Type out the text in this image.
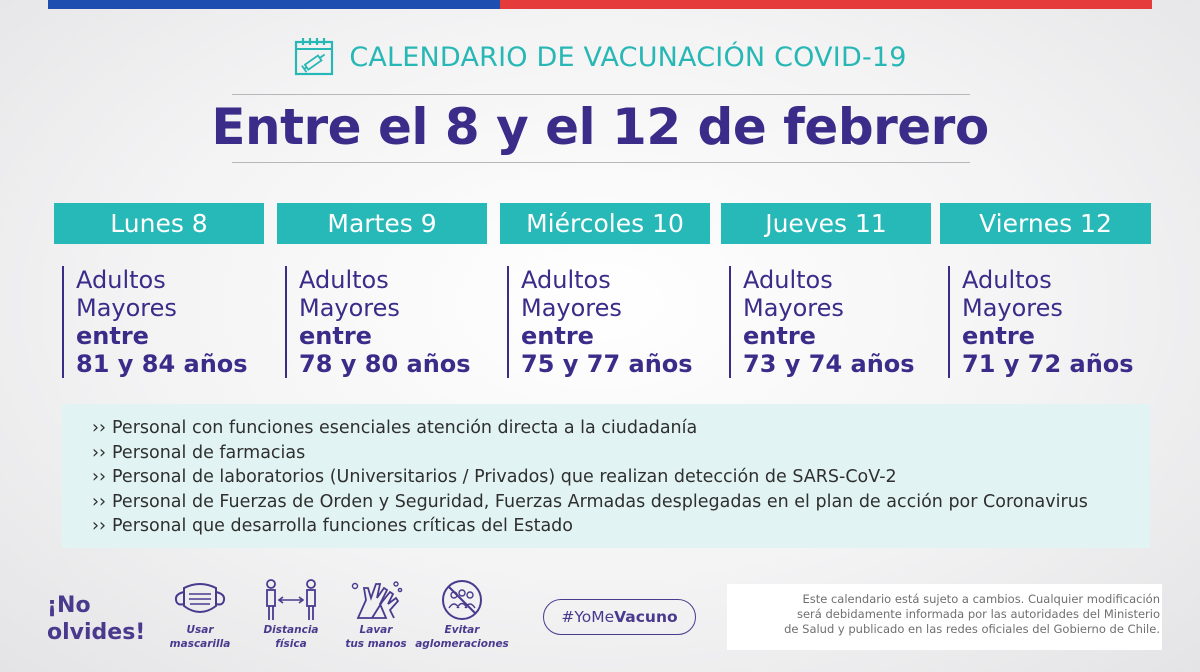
CALENDARIO DE VACUNACIÓN COVID-19
Entre el 8 y el 12 de febrero
Lunes 8	Martes 9	Miércoles 10	Jueves 11	Viernes 12
Adultos
Mayores
entre
81 y 84 años
Adultos
Mayores
entre
78 y 80 años
Adultos
Mayores
entre
75 y 77 años
Adultos
Mayores
entre
73 y 74 años
Adultos
Mayores
entre
71 y 72 años
›› Personal con funciones esenciales atención directa a la ciudadanía
›› Personal de farmacias
›› Personal de laboratorios (Universitarios / Privados) que realizan detección de SARS-CoV-2
›› Personal de Fuerzas de Orden y Seguridad, Fuerzas Armadas desplegadas en el plan de acción por Coronavirus
›› Personal que desarrolla funciones críticas del Estado
¡No
olvides!	Usar
mascarilla
Distancia
física
Lavar
tus manos
Evitar
aglomeraciones
#YoMe Vacuno
Este calendario está sujeto a cambios. Cualquier modificación
será debidamente informada por las autoridades del Ministerio
de Salud y publicado en las redes oficiales del Gobierno de Chile.
